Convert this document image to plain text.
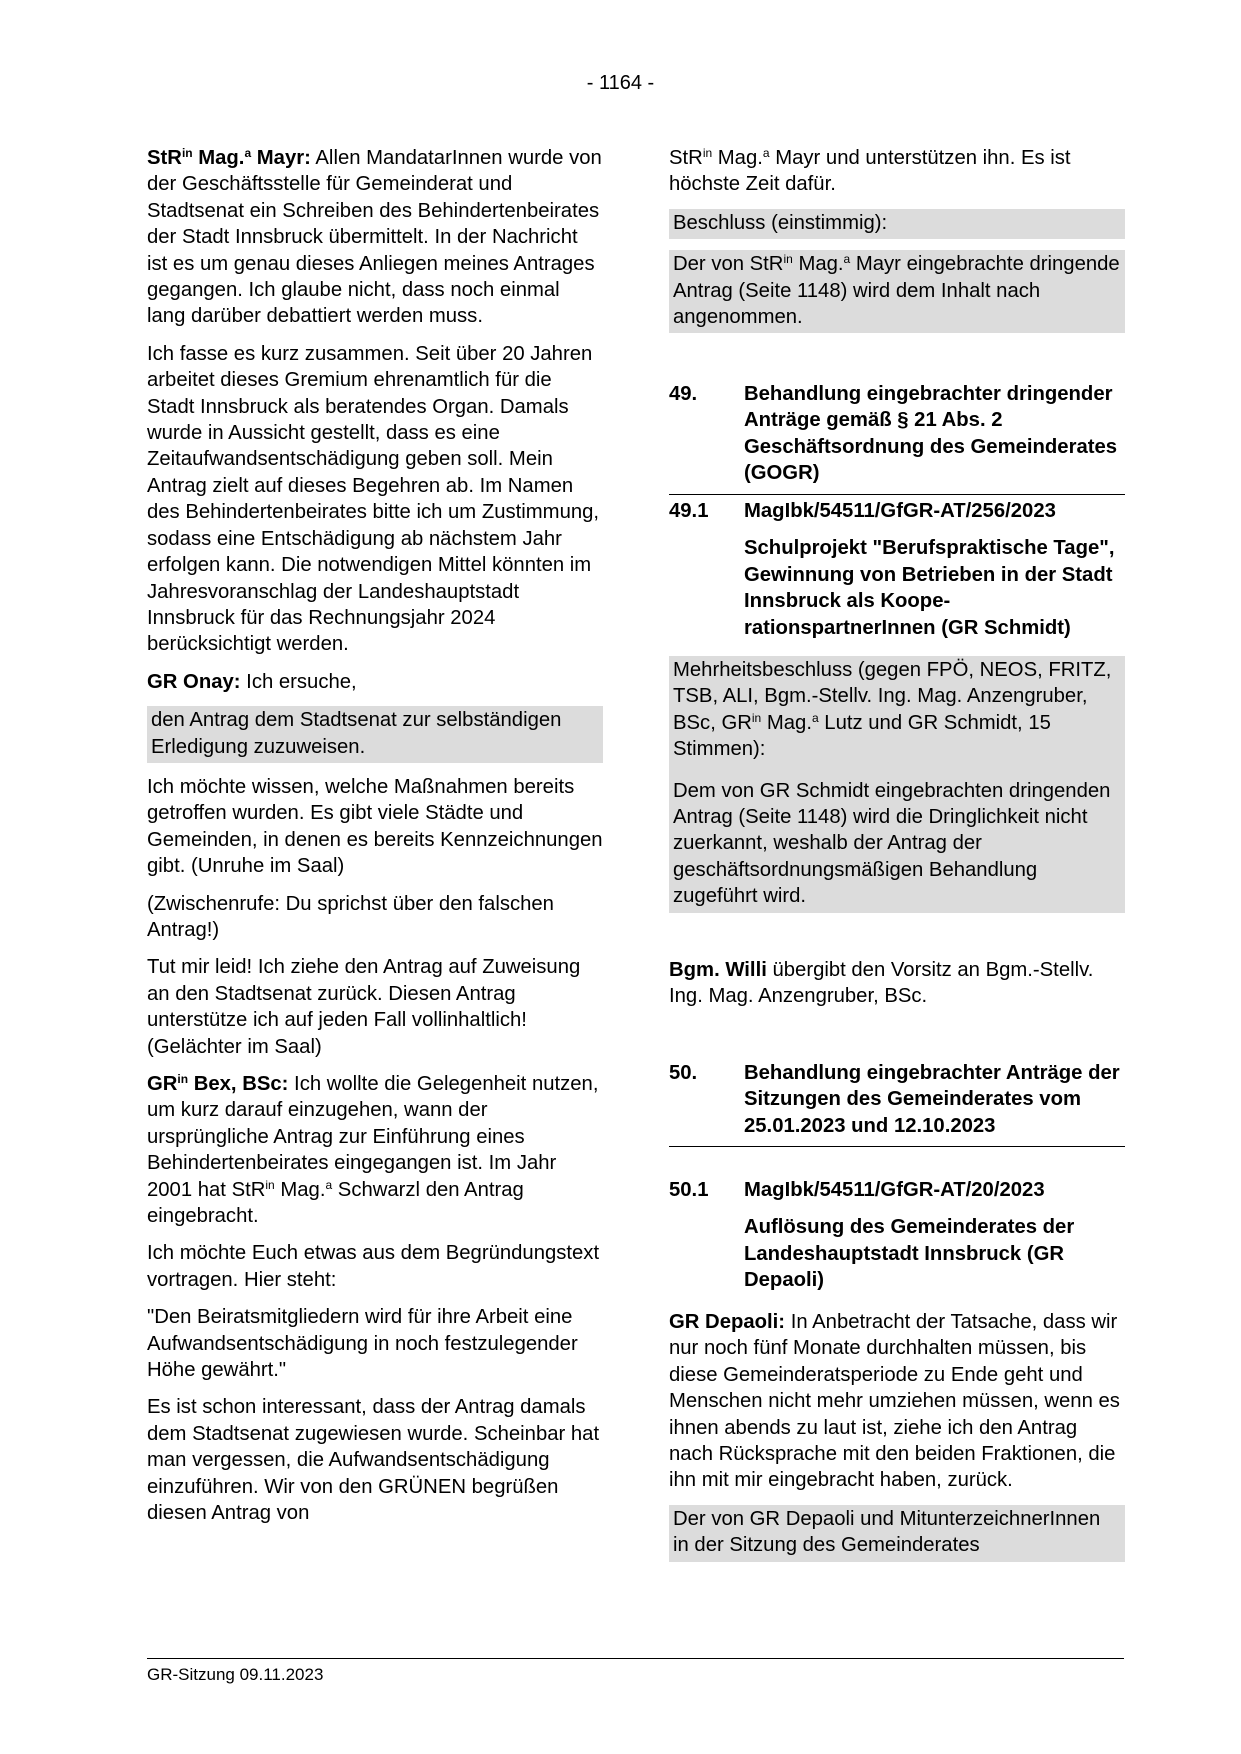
- 1164 -

StR$^{in}$ Mag.$^a$ Mayr: Allen MandatarInnen wurde von der Geschäftsstelle für Gemeinderat und Stadtsenat ein Schreiben des Behindertenbeirates der Stadt Innsbruck übermittelt. In der Nachricht ist es um genau dieses Anliegen meines Antrages gegangen. Ich glaube nicht, dass noch einmal lang darüber debattiert werden muss.

Ich fasse es kurz zusammen. Seit über 20 Jahren arbeitet dieses Gremium ehrenamtlich für die Stadt Innsbruck als beratendes Organ. Damals wurde in Aussicht gestellt, dass es eine Zeitaufwandsentschädigung geben soll. Mein Antrag zielt auf dieses Begehren ab. Im Namen des Behindertenbeirates bitte ich um Zustimmung, sodass eine Entschädigung ab nächstem Jahr erfolgen kann. Die notwendigen Mittel könnten im Jahresvoranschlag der Landeshauptstadt Innsbruck für das Rechnungsjahr 2024 berücksichtigt werden.

GR Onay: Ich ersuche,

den Antrag dem Stadtsenat zur selbständigen Erledigung zuzuweisen.

Ich möchte wissen, welche Maßnahmen bereits getroffen wurden. Es gibt viele Städte und Gemeinden, in denen es bereits Kennzeichnungen gibt. (Unruhe im Saal)

(Zwischenrufe: Du sprichst über den falschen Antrag!)

Tut mir leid! Ich ziehe den Antrag auf Zuweisung an den Stadtsenat zurück. Diesen Antrag unterstütze ich auf jeden Fall vollinhaltlich! (Gelächter im Saal)

$GR^{in}$ Bex, BSc: Ich wollte die Gelegenheit nutzen, um kurz darauf einzugehen, wann der ursprüngliche Antrag zur Einführung eines Behindertenbeirates eingegangen ist. Im Jahr 2001 hat StR$^{in}$ Mag.$^a$ Schwarzl den Antrag eingebracht.

Ich möchte Euch etwas aus dem Begründungstext vortragen. Hier steht:

"Den Beiratsmitgliedern wird für ihre Arbeit eine Aufwandsentschädigung in noch festzulegender Höhe gewährt."

Es ist schon interessant, dass der Antrag damals dem Stadtsenat zugewiesen wurde. Scheinbar hat man vergessen, die Aufwandsentschädigung einzuführen. Wir von den GRÜNEN begrüßen diesen Antrag von

StR$^{in}$ Mag.$^a$ Mayr und unterstützen ihn. Es ist höchste Zeit dafür.

Beschluss (einstimmig):

Der von StR$^{in}$ Mag.$^a$ Mayr eingebrachte dringende Antrag (Seite 1148) wird dem Inhalt nach angenommen.

49. Behandlung eingebrachter dringender Anträge gemäß § 21 Abs. 2 Geschäftsordnung des Gemeinderates (GOGR)
49.1 MagIbk/54511/GfGR-AT/256/2023
Schulprojekt "Berufspraktische Tage", Gewinnung von Betrieben in der Stadt Innsbruck als KooperationspartnerInnen (GR Schmidt)

Mehrheitsbeschluss (gegen FPÖ, NEOS, FRITZ, TSB, ALI, Bgm.-Stellv. Ing. Mag. Anzengruber, BSc, $GR^{in}$ Mag.$^a$ Lutz und GR Schmidt, 15 Stimmen):

Dem von GR Schmidt eingebrachten dringenden Antrag (Seite 1148) wird die Dringlichkeit nicht zuerkannt, weshalb der Antrag der geschäftsordnungsmäßigen Behandlung zugeführt wird.

Bgm. Willi übergibt den Vorsitz an Bgm.-Stellv. Ing. Mag. Anzengruber, BSc.

50. Behandlung eingebrachter Anträge der Sitzungen des Gemeinderates vom 25.01.2023 und 12.10.2023
50.1 MagIbk/54511/GfGR-AT/20/2023
Auflösung des Gemeinderates der Landeshauptstadt Innsbruck (GR Depaoli)

GR Depaoli: In Anbetracht der Tatsache, dass wir nur noch fünf Monate durchhalten müssen, bis diese Gemeinderatsperiode zu Ende geht und Menschen nicht mehr umziehen müssen, wenn es ihnen abends zu laut ist, ziehe ich den Antrag nach Rücksprache mit den beiden Fraktionen, die ihn mit mir eingebracht haben, zurück.

Der von GR Depaoli und MitunterzeichnerInnen in der Sitzung des Gemeinderates

GR-Sitzung 09.11.2023
